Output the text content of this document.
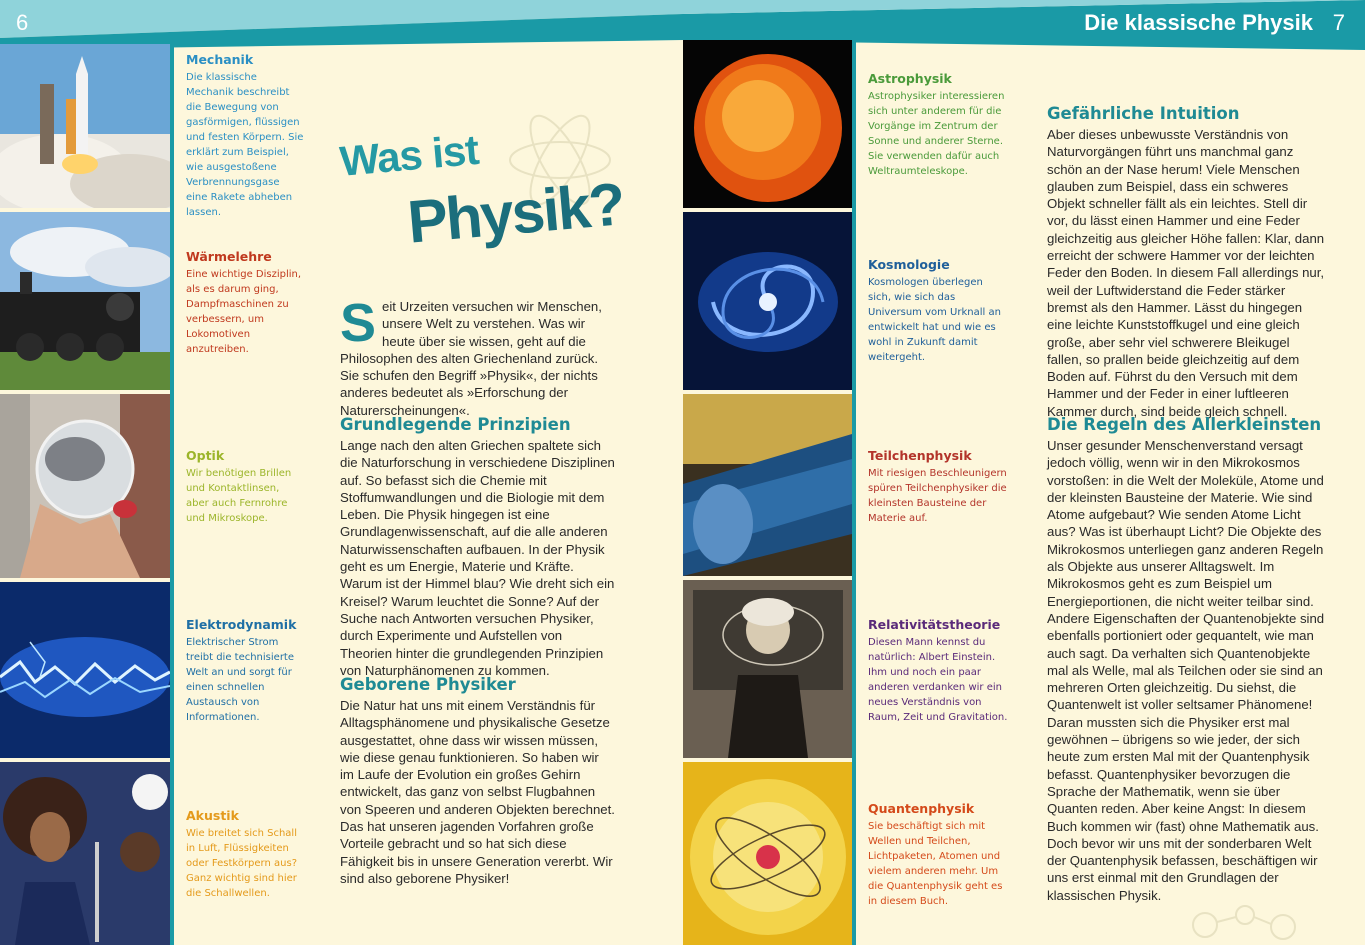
6	7
Die klassische Physik

Mechanik

Die klassische Mechanik beschreibt die Bewegung von gasförmigen, flüssigen und festen Körpern. Sie erklärt zum Beispiel, wie ausgestoßene Verbrennungsgase eine Rakete abheben lassen.

Wärmelehre

Eine wichtige Disziplin, als es darum ging, Dampfmaschinen zu verbessern, um Lokomotiven anzutreiben.

Optik

Wir benötigen Brillen und Kontaktlinsen, aber auch Fernrohre und Mikroskope.

Elektrodynamik

Elektrischer Strom treibt die technisierte Welt an und sorgt für einen schnellen Austausch von Informationen.

Akustik

Wie breitet sich Schall in Luft, Flüssigkeiten oder Festkörpern aus? Ganz wichtig sind hier die Schallwellen.

Astrophysik

Astrophysiker interessieren sich unter anderem für die Vorgänge im Zentrum der Sonne und anderer Sterne. Sie verwenden dafür auch Weltraumteleskope.

Kosmologie

Kosmologen überlegen sich, wie sich das Universum vom Urknall an entwickelt hat und wie es wohl in Zukunft damit weitergeht.

Teilchenphysik

Mit riesigen Beschleunigern spüren Teilchenphysiker die kleinsten Bausteine der Materie auf.

Relativitätstheorie

Diesen Mann kennst du natürlich: Albert Einstein. Ihm und noch ein paar anderen verdanken wir ein neues Verständnis von Raum, Zeit und Gravitation.

Quantenphysik

Sie beschäftigt sich mit Wellen und Teilchen, Lichtpaketen, Atomen und vielem anderen mehr. Um die Quantenphysik geht es in diesem Buch.

Was ist
Physik?
Seit Urzeiten versuchen wir Menschen, unsere Welt zu verstehen. Was wir heute über sie wissen, geht auf die Philosophen des alten Griechenland zurück. Sie schufen den Begriff »Physik«, der nichts anderes bedeutet als »Erforschung der Naturerscheinungen«.

Grundlegende Prinzipien

Lange nach den alten Griechen spaltete sich die Naturforschung in verschiedene Disziplinen auf. So befasst sich die Chemie mit Stoffumwandlungen und die Biologie mit dem Leben. Die Physik hingegen ist eine Grundlagenwissenschaft, auf die alle anderen Naturwissenschaften aufbauen. In der Physik geht es um Energie, Materie und Kräfte. Warum ist der Himmel blau? Wie dreht sich ein Kreisel? Warum leuchtet die Sonne? Auf der Suche nach Antworten versuchen Physiker, durch Experimente und Aufstellen von Theorien hinter die grundlegenden Prinzipien von Naturphänomenen zu kommen.

Geborene Physiker

Die Natur hat uns mit einem Verständnis für Alltagsphänomene und physikalische Gesetze ausgestattet, ohne dass wir wissen müssen, wie diese genau funktionieren. So haben wir im Laufe der Evolution ein großes Gehirn entwickelt, das ganz von selbst Flugbahnen von Speeren und anderen Objekten berechnet. Das hat unseren jagenden Vorfahren große Vorteile gebracht und so hat sich diese Fähigkeit bis in unsere Generation vererbt. Wir sind also geborene Physiker!

Gefährliche Intuition

Aber dieses unbewusste Verständnis von Naturvorgängen führt uns manchmal ganz schön an der Nase herum! Viele Menschen glauben zum Beispiel, dass ein schweres Objekt schneller fällt als ein leichtes. Stell dir vor, du lässt einen Hammer und eine Feder gleichzeitig aus gleicher Höhe fallen: Klar, dann erreicht der schwere Hammer vor der leichten Feder den Boden. In diesem Fall allerdings nur, weil der Luftwiderstand die Feder stärker bremst als den Hammer. Lässt du hingegen eine leichte Kunststoffkugel und eine gleich große, aber sehr viel schwerere Bleikugel fallen, so prallen beide gleichzeitig auf dem Boden auf. Führst du den Versuch mit dem Hammer und der Feder in einer luftleeren Kammer durch, sind beide gleich schnell.

Die Regeln des Allerkleinsten

Unser gesunder Menschenverstand versagt jedoch völlig, wenn wir in den Mikrokosmos vorstoßen: in die Welt der Moleküle, Atome und der kleinsten Bausteine der Materie. Wie sind Atome aufgebaut? Wie senden Atome Licht aus? Was ist überhaupt Licht? Die Objekte des Mikrokosmos unterliegen ganz anderen Regeln als Objekte aus unserer Alltagswelt. Im Mikrokosmos geht es zum Beispiel um Energieportionen, die nicht weiter teilbar sind. Andere Eigenschaften der Quantenobjekte sind ebenfalls portioniert oder gequantelt, wie man auch sagt. Da verhalten sich Quantenobjekte mal als Welle, mal als Teilchen oder sie sind an mehreren Orten gleichzeitig. Du siehst, die Quantenwelt ist voller seltsamer Phänomene! Daran mussten sich die Physiker erst mal gewöhnen – übrigens so wie jeder, der sich heute zum ersten Mal mit der Quantenphysik befasst. Quantenphysiker bevorzugen die Sprache der Mathematik, wenn sie über Quanten reden. Aber keine Angst: In diesem Buch kommen wir (fast) ohne Mathematik aus. Doch bevor wir uns mit der sonderbaren Welt der Quantenphysik befassen, beschäftigen wir uns erst einmal mit den Grundlagen der klassischen Physik.
